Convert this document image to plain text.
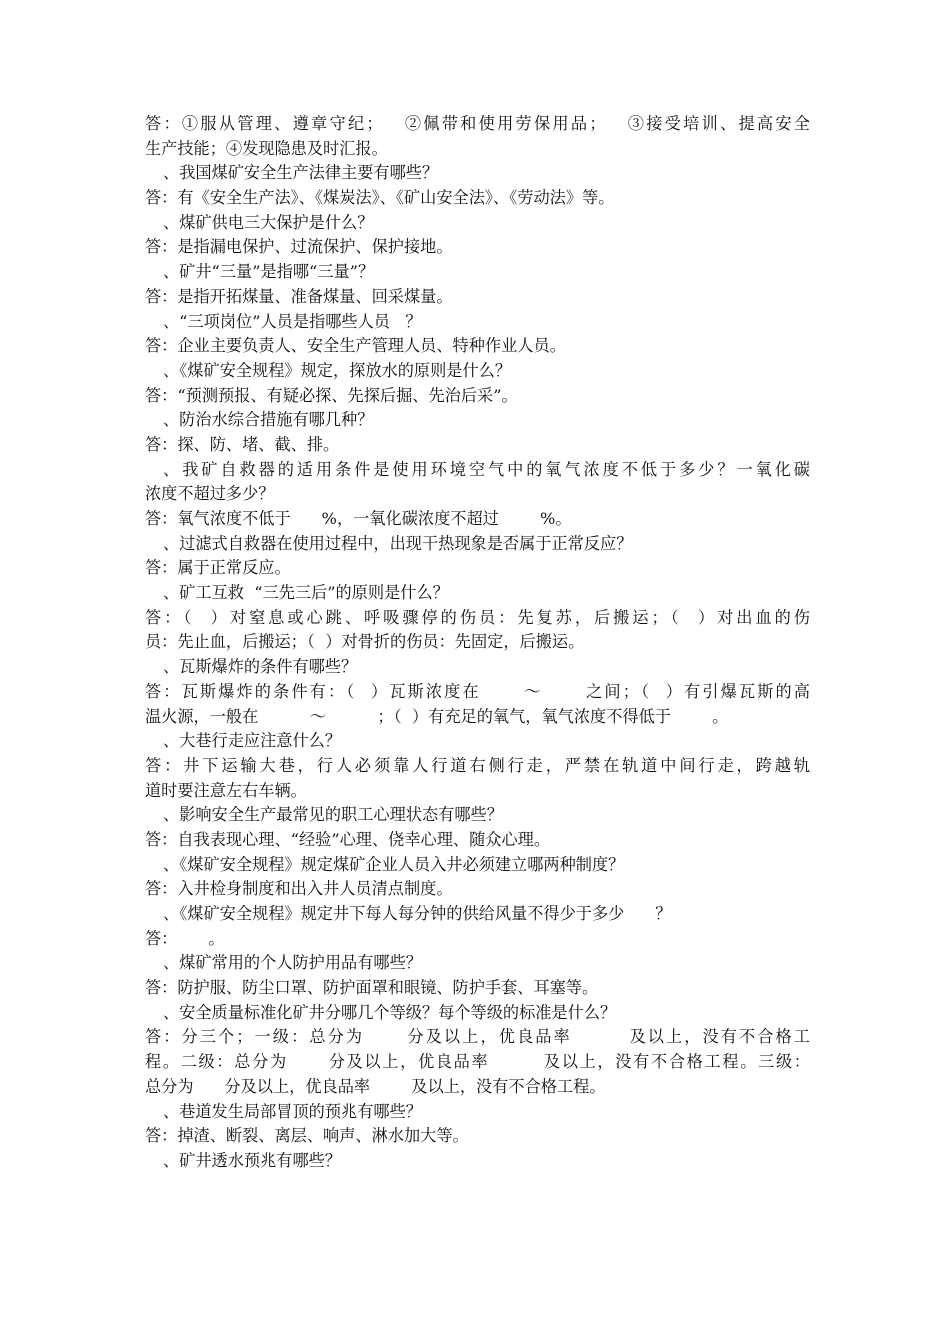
答：①服从管理、遵章守纪；   ②佩带和使用劳保用品；   ③接受培训、提高安全
生产技能；④发现隐患及时汇报。
、我国煤矿安全生产法律主要有哪些？
答：有《安全生产法》、《煤炭法》、《矿山安全法》、《劳动法》等。
、煤矿供电三大保护是什么？
答：是指漏电保护、过流保护、保护接地。
、矿井“三量”是指哪“三量”？
答：是指开拓煤量、准备煤量、回采煤量。
、“三项岗位”人员是指哪些人员   ？
答：企业主要负责人、安全生产管理人员、特种作业人员。
、《煤矿安全规程》规定，探放水的原则是什么？
答：“预测预报、有疑必探、先探后掘、先治后采”。
、防治水综合措施有哪几种？
答：探、防、堵、截、排。
、我矿自救器的适用条件是使用环境空气中的氧气浓度不低于多少？一氧化碳
浓度不超过多少？
答：氧气浓度不低于      %，一氧化碳浓度不超过        %。
、过滤式自救器在使用过程中，出现干热现象是否属于正常反应？
答：属于正常反应。
、矿工互救  “三先三后”的原则是什么？
答：（  ）对窒息或心跳、呼吸骤停的伤员：先复苏，后搬运；（  ）对出血的伤
员：先止血，后搬运；（  ）对骨折的伤员：先固定，后搬运。
、瓦斯爆炸的条件有哪些？
答：瓦斯爆炸的条件有：（  ）瓦斯浓度在      ～      之间；（  ）有引爆瓦斯的高
温火源，一般在          ～          ；（  ）有充足的氧气，氧气浓度不得低于        。
、大巷行走应注意什么？
答：井下运输大巷，行人必须靠人行道右侧行走，严禁在轨道中间行走，跨越轨
道时要注意左右车辆。
、影响安全生产最常见的职工心理状态有哪些？
答：自我表现心理、“经验”心理、侥幸心理、随众心理。
、《煤矿安全规程》规定煤矿企业人员入井必须建立哪两种制度？
答：入井检身制度和出入井人员清点制度。
、《煤矿安全规程》规定井下每人每分钟的供给风量不得少于多少      ？
答：      。
、煤矿常用的个人防护用品有哪些？
答：防护服、防尘口罩、防护面罩和眼镜、防护手套、耳塞等。
、安全质量标准化矿井分哪几个等级？每个等级的标准是什么？
答：分三个；一级：总分为      分及以上，优良品率        及以上，没有不合格工
程。二级：总分为      分及以上，优良品率        及以上，没有不合格工程。三级：
总分为      分及以上，优良品率        及以上，没有不合格工程。
、巷道发生局部冒顶的预兆有哪些？
答：掉渣、断裂、离层、响声、淋水加大等。
、矿井透水预兆有哪些？
